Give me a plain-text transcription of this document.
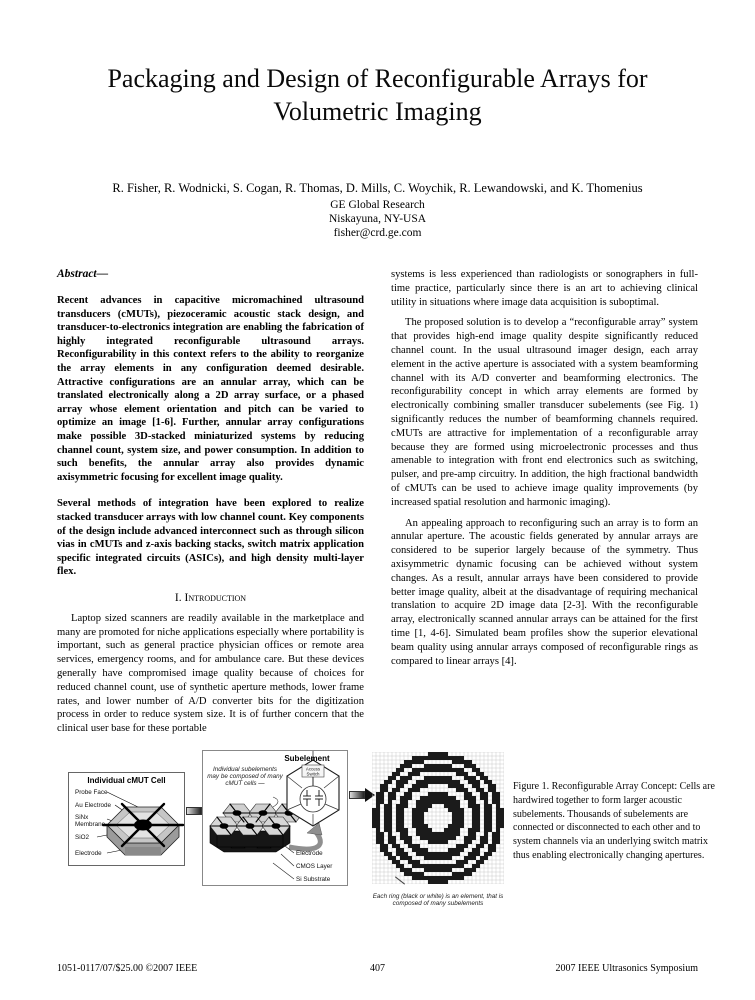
Packaging and Design of Reconfigurable Arrays for Volumetric Imaging
R. Fisher, R. Wodnicki, S. Cogan, R. Thomas, D. Mills, C. Woychik, R. Lewandowski, and K. Thomenius
GE Global Research
Niskayuna, NY-USA
fisher@crd.ge.com
Abstract—

Recent advances in capacitive micromachined ultrasound transducers (cMUTs), piezoceramic acoustic stack design, and transducer-to-electronics integration are enabling the fabrication of highly integrated reconfigurable ultrasound arrays. Reconfigurability in this context refers to the ability to reorganize the array elements in any configuration deemed desirable. Attractive configurations are an annular array, which can be translated electronically along a 2D array surface, or a phased array whose element orientation and pitch can be varied to optimize an image [1-6]. Further, annular array configurations make possible 3D-stacked miniaturized systems by reducing channel count, system size, and power consumption. In addition to such benefits, the annular array also provides dynamic axisymmetric focusing for excellent image quality.

Several methods of integration have been explored to realize stacked transducer arrays with low channel count. Key components of the design include advanced interconnect such as through silicon vias in cMUTs and z-axis backing stacks, switch matrix application specific integrated circuits (ASICs), and high density multi-layer flex.

I. Introduction

Laptop sized scanners are readily available in the marketplace and many are promoted for niche applications especially where portability is important, such as general practice physician offices or remote area services, emergency rooms, and for ambulance care. But these devices generally have compromised image quality because of choices for reduced channel count, use of synthetic aperture methods, lower frame rates, and lower number of A/D converter bits for the digitization process in order to reduce system size. It is of further concern that the clinical user base for these portable

systems is less experienced than radiologists or sonographers in full-time practice, particularly since there is an art to achieving clinical utility in situations where image data acquisition is suboptimal.

The proposed solution is to develop a “reconfigurable array” system that provides high-end image quality despite significantly reduced channel count. In the usual ultrasound imager design, each array element in the active aperture is associated with a system beamforming channel with its A/D converter and beamforming electronics. The reconfigurability concept in which array elements are formed by electronically combining smaller transducer subelements (see Fig. 1) significantly reduces the number of beamforming channels required. cMUTs are attractive for implementation of a reconfigurable array because they are formed using microelectronic processes and thus amenable to integration with front end electronics such as switching, pulser, and pre-amp circuitry. In addition, the high fractional bandwidth of cMUTs can be used to achieve image quality improvements (by increased spatial resolution and harmonic imaging).

An appealing approach to reconfiguring such an array is to form an annular aperture. The acoustic fields generated by annular arrays are considered to be superior largely because of the symmetry. Thus axisymmetric dynamic focusing can be achieved without system changes. As a result, annular arrays have been considered to provide better image quality, albeit at the disadvantage of requiring mechanical translation to acquire 2D image data [2-3]. With the reconfigurable array, electronically scanned annular arrays can be attained for the first time [1, 4-6]. Simulated beam profiles show the superior elevational beam quality using annular arrays composed of reconfigurable rings as compared to linear arrays [4].

Individual cMUT Cell
Probe Face
Au Electrode
SiNx Membrane
SiO2
Electrode
Access
Switch
Subelement
Individual subelements may be composed of many cMUT cells —
Electrode
CMOS Layer
Si Substrate
Each ring (black or white) is an element, that is composed of many subelements
Figure 1. Reconfigurable Array Concept: Cells are hardwired together to form larger acoustic subelements. Thousands of subelements are connected or disconnected to each other and to system channels via an underlying switch matrix thus enabling electronically changing apertures.
1051-0117/07/$25.00 ©2007 IEEE	407	2007 IEEE Ultrasonics Symposium
